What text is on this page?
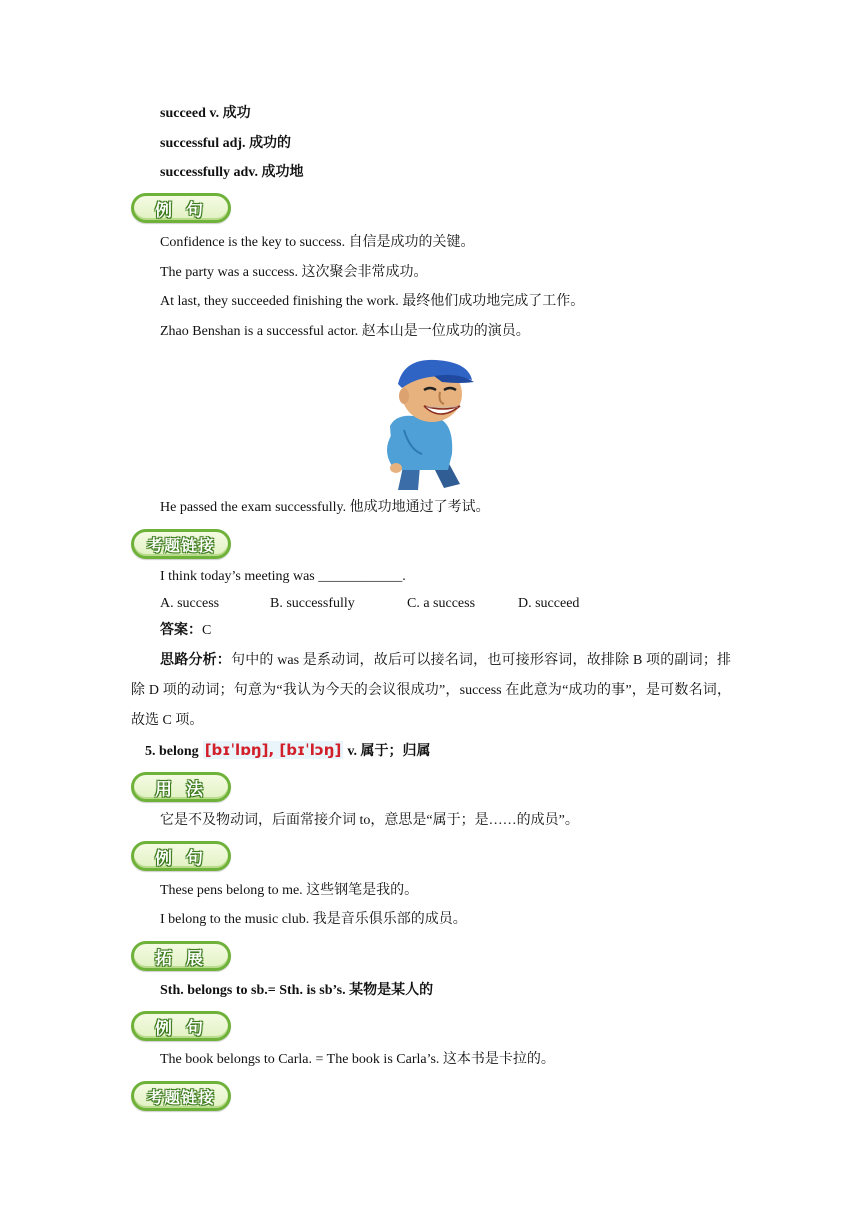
succeed v. 成功
successful adj. 成功的
successfully adv. 成功地
例 句
Confidence is the key to success. 自信是成功的关键。
The party was a success. 这次聚会非常成功。
At last, they succeeded finishing the work. 最终他们成功地完成了工作。
Zhao Benshan is a successful actor. 赵本山是一位成功的演员。
He passed the exam successfully. 他成功地通过了考试。
考题链接
I think today’s meeting was ____________.
A. success	B. successfully	C. a success	D. succeed
答案：C
思路分析：句中的 was 是系动词，故后可以接名词，也可接形容词，故排除 B 项的副词；排除 D 项的动词；句意为“我认为今天的会议很成功”，success 在此意为“成功的事”，是可数名词，故选 C 项。
5. belong [bɪˈlɒŋ], [bɪˈlɔŋ] v. 属于；归属
用 法
它是不及物动词，后面常接介词 to，意思是“属于；是……的成员”。
例 句
These pens belong to me. 这些钢笔是我的。
I belong to the music club. 我是音乐俱乐部的成员。
拓 展
Sth. belongs to sb.= Sth. is sb’s. 某物是某人的
例 句
The book belongs to Carla. = The book is Carla’s. 这本书是卡拉的。
考题链接
